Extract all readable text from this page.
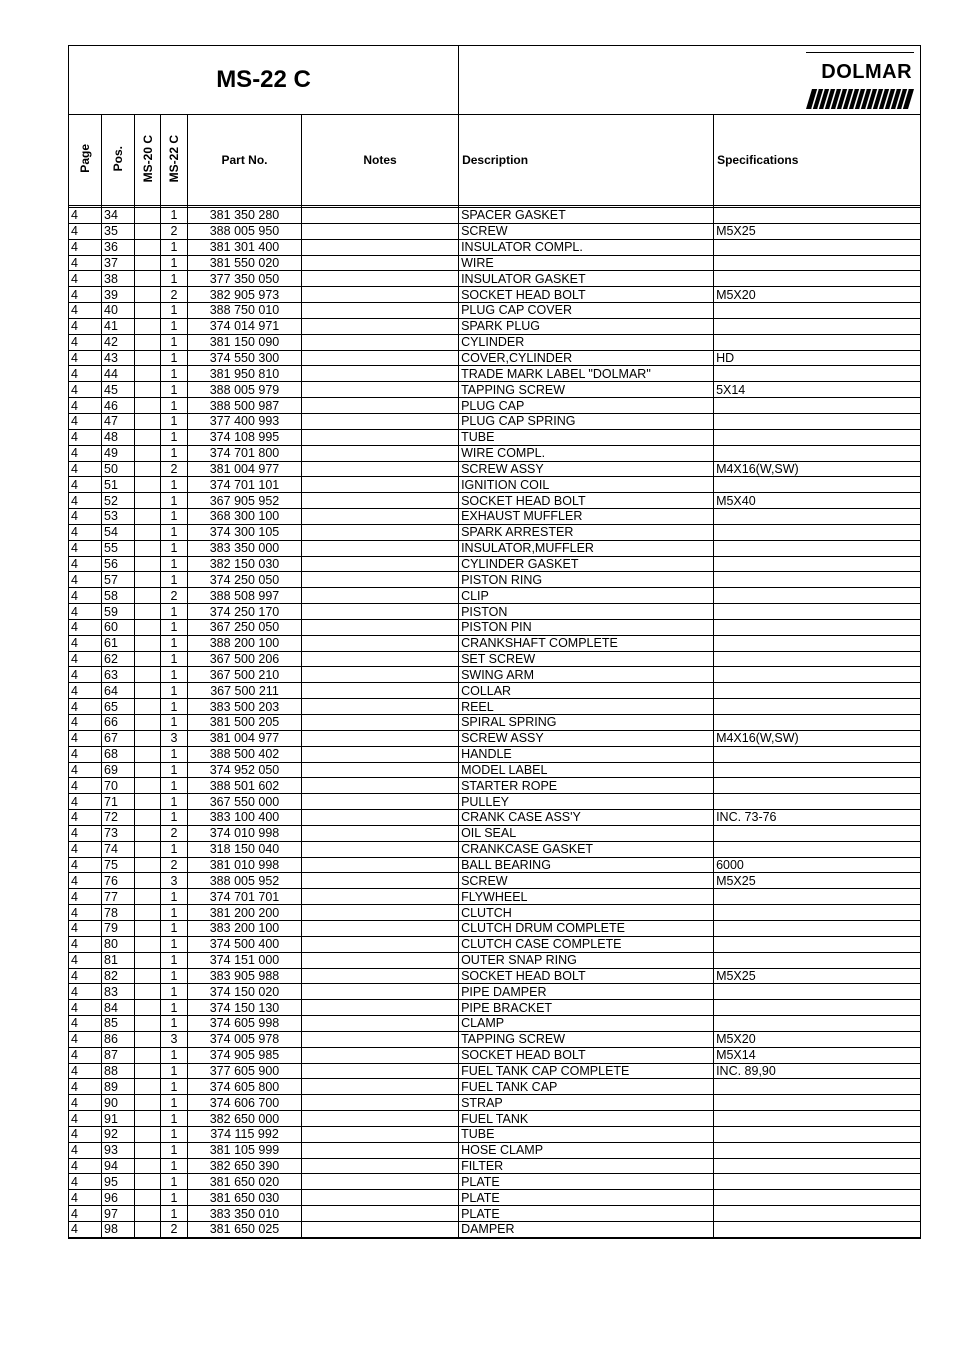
MS-22 C						DOLMAR	

Page	Pos.	MS-20 C	MS-22 C	Part No.	Notes	Description	Specifications

4	34		1	381 350 280		SPACER GASKET	
4	35		2	388 005 950		SCREW	M5X25
4	36		1	381 301 400		INSULATOR COMPL.	
4	37		1	381 550 020		WIRE	
4	38		1	377 350 050		INSULATOR GASKET	
4	39		2	382 905 973		SOCKET HEAD BOLT	M5X20
4	40		1	388 750 010		PLUG CAP COVER	
4	41		1	374 014 971		SPARK PLUG	
4	42		1	381 150 090		CYLINDER	
4	43		1	374 550 300		COVER,CYLINDER	HD
4	44		1	381 950 810		TRADE MARK LABEL "DOLMAR"	
4	45		1	388 005 979		TAPPING SCREW	5X14
4	46		1	388 500 987		PLUG CAP	
4	47		1	377 400 993		PLUG CAP SPRING	
4	48		1	374 108 995		TUBE	
4	49		1	374 701 800		WIRE COMPL.	
4	50		2	381 004 977		SCREW ASSY	M4X16(W,SW)
4	51		1	374 701 101		IGNITION COIL	
4	52		1	367 905 952		SOCKET HEAD BOLT	M5X40
4	53		1	368 300 100		EXHAUST MUFFLER	
4	54		1	374 300 105		SPARK ARRESTER	
4	55		1	383 350 000		INSULATOR,MUFFLER	
4	56		1	382 150 030		CYLINDER GASKET	
4	57		1	374 250 050		PISTON RING	
4	58		2	388 508 997		CLIP	
4	59		1	374 250 170		PISTON	
4	60		1	367 250 050		PISTON PIN	
4	61		1	388 200 100		CRANKSHAFT COMPLETE	
4	62		1	367 500 206		SET SCREW	
4	63		1	367 500 210		SWING ARM	
4	64		1	367 500 211		COLLAR	
4	65		1	383 500 203		REEL	
4	66		1	381 500 205		SPIRAL SPRING	
4	67		3	381 004 977		SCREW ASSY	M4X16(W,SW)
4	68		1	388 500 402		HANDLE	
4	69		1	374 952 050		MODEL LABEL	
4	70		1	388 501 602		STARTER ROPE	
4	71		1	367 550 000		PULLEY	
4	72		1	383 100 400		CRANK CASE ASS'Y	INC. 73-76
4	73		2	374 010 998		OIL SEAL	
4	74		1	318 150 040		CRANKCASE GASKET	
4	75		2	381 010 998		BALL BEARING	6000
4	76		3	388 005 952		SCREW	M5X25
4	77		1	374 701 701		FLYWHEEL	
4	78		1	381 200 200		CLUTCH	
4	79		1	383 200 100		CLUTCH DRUM COMPLETE	
4	80		1	374 500 400		CLUTCH CASE COMPLETE	
4	81		1	374 151 000		OUTER SNAP RING	
4	82		1	383 905 988		SOCKET HEAD BOLT	M5X25
4	83		1	374 150 020		PIPE DAMPER	
4	84		1	374 150 130		PIPE BRACKET	
4	85		1	374 605 998		CLAMP	
4	86		3	374 005 978		TAPPING SCREW	M5X20
4	87		1	374 905 985		SOCKET HEAD BOLT	M5X14
4	88		1	377 605 900		FUEL TANK CAP COMPLETE	INC. 89,90
4	89		1	374 605 800		FUEL TANK CAP	
4	90		1	374 606 700		STRAP	
4	91		1	382 650 000		FUEL TANK	
4	92		1	374 115 992		TUBE	
4	93		1	381 105 999		HOSE CLAMP	
4	94		1	382 650 390		FILTER	
4	95		1	381 650 020		PLATE	
4	96		1	381 650 030		PLATE	
4	97		1	383 350 010		PLATE	
4	98		2	381 650 025		DAMPER	
